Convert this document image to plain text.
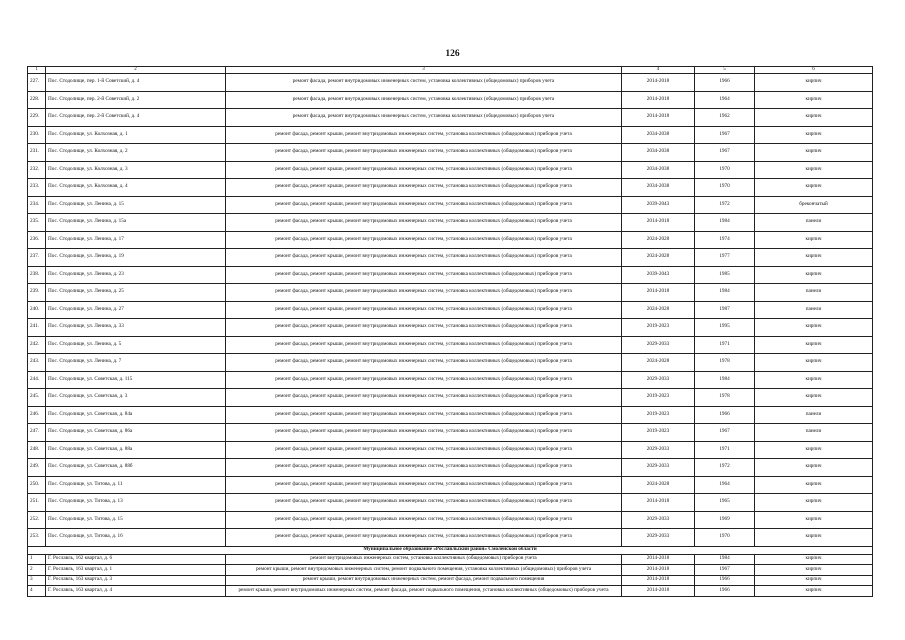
126
1	2	3	4	5	6
227.	Пос. Стодолище, пер. 1-й Советский, д. 4	ремонт фасада, ремонт внутридомовых инженерных систем, установка коллективных (общедомовых) приборов учета	2014-2018	1966	кирпич
228.	Пос. Стодолище, пер. 2-й Советский, д. 2	ремонт фасада, ремонт внутридомовых инженерных систем, установка коллективных (общедомовых) приборов учета	2014-2018	1964	кирпич
229.	Пос. Стодолище, пер. 2-й Советский, д. 4	ремонт фасада, ремонт внутридомовых инженерных систем, установка коллективных (общедомовых) приборов учета	2014-2018	1962	кирпич
230.	Пос. Стодолище, ул. Колхозная, д. 1	ремонт фасада, ремонт крыши, ремонт внутридомовых инженерных систем, установка коллективных (общедомовых) приборов учета	2034-2038	1967	кирпич
231.	Пос. Стодолище, ул. Колхозная, д. 2	ремонт фасада, ремонт крыши, ремонт внутридомовых инженерных систем, установка коллективных (общедомовых) приборов учета	2034-2038	1967	кирпич
232.	Пос. Стодолище, ул. Колхозная, д. 3	ремонт фасада, ремонт крыши, ремонт внутридомовых инженерных систем, установка коллективных (общедомовых) приборов учета	2034-2038	1970	кирпич
233.	Пос. Стодолище, ул. Колхозная, д. 4	ремонт фасада, ремонт крыши, ремонт внутридомовых инженерных систем, установка коллективных (общедомовых) приборов учета	2034-2038	1970	кирпич
234.	Пос. Стодолище, ул. Ленина, д. 15	ремонт фасада, ремонт крыши, ремонт внутридомовых инженерных систем, установка коллективных (общедомовых) приборов учета	2039-2043	1972	брекончатый
235.	Пос. Стодолище, ул. Ленина, д. 15а	ремонт фасада, ремонт крыши, ремонт внутридомовых инженерных систем, установка коллективных (общедомовых) приборов учета	2014-2018	1984	панели
236.	Пос. Стодолище, ул. Ленина, д. 17	ремонт фасада, ремонт крыши, ремонт внутридомовых инженерных систем, установка коллективных (общедомовых) приборов учета	2024-2028	1974	кирпич
237.	Пос. Стодолище, ул. Ленина, д. 19	ремонт фасада, ремонт крыши, ремонт внутридомовых инженерных систем, установка коллективных (общедомовых) приборов учета	2024-2028	1977	кирпич
238.	Пос. Стодолище, ул. Ленина, д. 23	ремонт фасада, ремонт крыши, ремонт внутридомовых инженерных систем, установка коллективных (общедомовых) приборов учета	2039-2043	1985	кирпич
239.	Пос. Стодолище, ул. Ленина, д. 25	ремонт фасада, ремонт крыши, ремонт внутридомовых инженерных систем, установка коллективных (общедомовых) приборов учета	2014-2018	1984	панели
240.	Пос. Стодолище, ул. Ленина, д. 27	ремонт фасада, ремонт крыши, ремонт внутридомовых инженерных систем, установка коллективных (общедомовых) приборов учета	2024-2028	1987	панели
241.	Пос. Стодолище, ул. Ленина, д. 33	ремонт фасада, ремонт крыши, ремонт внутридомовых инженерных систем, установка коллективных (общедомовых) приборов учета	2019-2023	1995	кирпич
242.	Пос. Стодолище, ул. Ленина, д. 5	ремонт фасада, ремонт крыши, ремонт внутридомовых инженерных систем, установка коллективных (общедомовых) приборов учета	2029-2033	1971	кирпич
243.	Пос. Стодолище, ул. Ленина, д. 7	ремонт фасада, ремонт крыши, ремонт внутридомовых инженерных систем, установка коллективных (общедомовых) приборов учета	2024-2028	1978	кирпич
244.	Пос. Стодолище, ул. Советская, д. 115	ремонт фасада, ремонт крыши, ремонт внутридомовых инженерных систем, установка коллективных (общедомовых) приборов учета	2029-2033	1984	кирпич
245.	Пос. Стодолище, ул. Советская, д. 3	ремонт фасада, ремонт крыши, ремонт внутридомовых инженерных систем, установка коллективных (общедомовых) приборов учета	2019-2023	1978	кирпич
246.	Пос. Стодолище, ул. Советская, д. 84а	ремонт фасада, ремонт крыши, ремонт внутридомовых инженерных систем, установка коллективных (общедомовых) приборов учета	2019-2023	1966	панели
247.	Пос. Стодолище, ул. Советская, д. 86а	ремонт фасада, ремонт крыши, ремонт внутридомовых инженерных систем, установка коллективных (общедомовых) приборов учета	2019-2023	1967	панели
248.	Пос. Стодолище, ул. Советская, д. 88а	ремонт фасада, ремонт крыши, ремонт внутридомовых инженерных систем, установка коллективных (общедомовых) приборов учета	2029-2033	1971	кирпич
249.	Пос. Стодолище, ул. Советская, д. 88б	ремонт фасада, ремонт крыши, ремонт внутридомовых инженерных систем, установка коллективных (общедомовых) приборов учета	2029-2033	1972	кирпич
250.	Пос. Стодолище, ул. Титова, д. 11	ремонт фасада, ремонт крыши, ремонт внутридомовых инженерных систем, установка коллективных (общедомовых) приборов учета	2024-2028	1964	кирпич
251.	Пос. Стодолище, ул. Титова, д. 13	ремонт фасада, ремонт крыши, ремонт внутридомовых инженерных систем, установка коллективных (общедомовых) приборов учета	2014-2018	1965	кирпич
252.	Пос. Стодолище, ул. Титова, д. 15	ремонт фасада, ремонт крыши, ремонт внутридомовых инженерных систем, установка коллективных (общедомовых) приборов учета	2029-2033	1969	кирпич
253.	Пос. Стодолище, ул. Титова, д. 16	ремонт фасада, ремонт крыши, ремонт внутридомовых инженерных систем, установка коллективных (общедомовых) приборов учета	2029-2033	1970	кирпич
Муниципальное образование «Рославльский район» Смоленской области					
1	Г. Рославль, 162 квартал, д. 6	ремонт внутридомовых инженерных систем, установка коллективных (общедомовых) приборов учета	2014-2018	1984	кирпич
2	Г. Рославль, 163 квартал, д. 1	ремонт крыши, ремонт внутридомовых инженерных систем, ремонт подвального помещения, установка коллективных (общедомовых) приборов учета	2014-2018	1967	кирпич
3	Г. Рославль, 163 квартал, д. 3	ремонт крыши, ремонт внутридомовых инженерных систем, ремонт фасада, ремонт подвального помещения	2014-2018	1966	кирпич
4	Г. Рославль, 163 квартал, д. 4	ремонт крыши, ремонт внутридомовых инженерных систем, ремонт фасада, ремонт подвального помещения, установка коллективных (общедомовых) приборов учета	2014-2018	1966	кирпич
